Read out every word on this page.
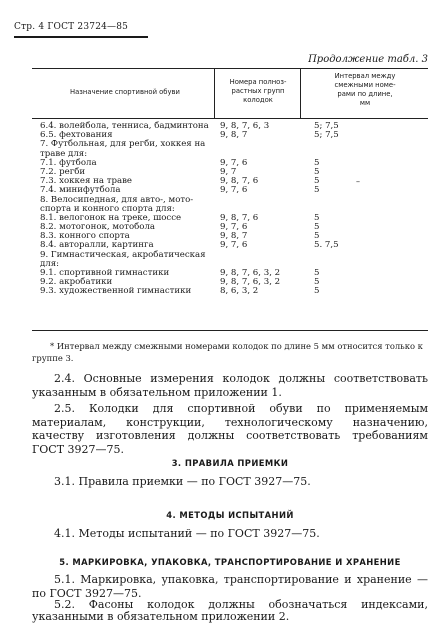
Стр. 4 ГОСТ 23724—85
Продолжение табл. 3
Назначение спортивной обуви
Номера полноз-
растных групп
колодок
Интервал между
смежными номе-
рами по длине,
мм
6.4. волейбола, тенниса, бадминтона 9, 8, 7, 6, 3	5; 7,5
6.5. фехтования	9, 8, 7	5; 7,5
7. Футбольная, для регби, хоккея на
траве для:
7.1. футбола	9, 7, 6	5
7.2. регби	9, 7	5
7.3. хоккея на траве	9, 8, 7, 6	5	–
7.4. минифутбола	9, 7, 6	5
8. Велосипедная, для авто-, мото-
спорта и конного спорта для:
8.1. велогонок на треке, шоссе	9, 8, 7, 6	5
8.2. мотогонок, мотобола	9, 7, 6	5
8.3. конного спорта	9, 8, 7	5
8.4. авторалли, картинга	9, 7, 6	5. 7,5
9. Гимнастическая, акробатическая
для:
9.1. спортивной гимнастики	9, 8, 7, 6, 3, 2	5
9.2. акробатики	9, 8, 7, 6, 3, 2	5
9.3. художественной гимнастики	8, 6, 3, 2	5
* Интервал между смежными номерами колодок по длине 5 мм относится только к группе 3.
2.4. Основные измерения колодок должны соответствовать указанным в обязательном приложении 1.
2.5. Колодки для спортивной обуви по применяемым материалам, конструкции, технологическому назначению, качеству изготовления должны соответствовать требованиям ГОСТ 3927—75.
3. ПРАВИЛА ПРИЕМКИ
3.1. Правила приемки — по ГОСТ 3927—75.
4. МЕТОДЫ ИСПЫТАНИЙ
4.1. Методы испытаний — по ГОСТ 3927—75.
5. МАРКИРОВКА, УПАКОВКА, ТРАНСПОРТИРОВАНИЕ И ХРАНЕНИЕ
5.1. Маркировка, упаковка, транспортирование и хранение — по ГОСТ 3927—75.
5.2. Фасоны колодок должны обозначаться индексами, указанными в обязательном приложении 2.
